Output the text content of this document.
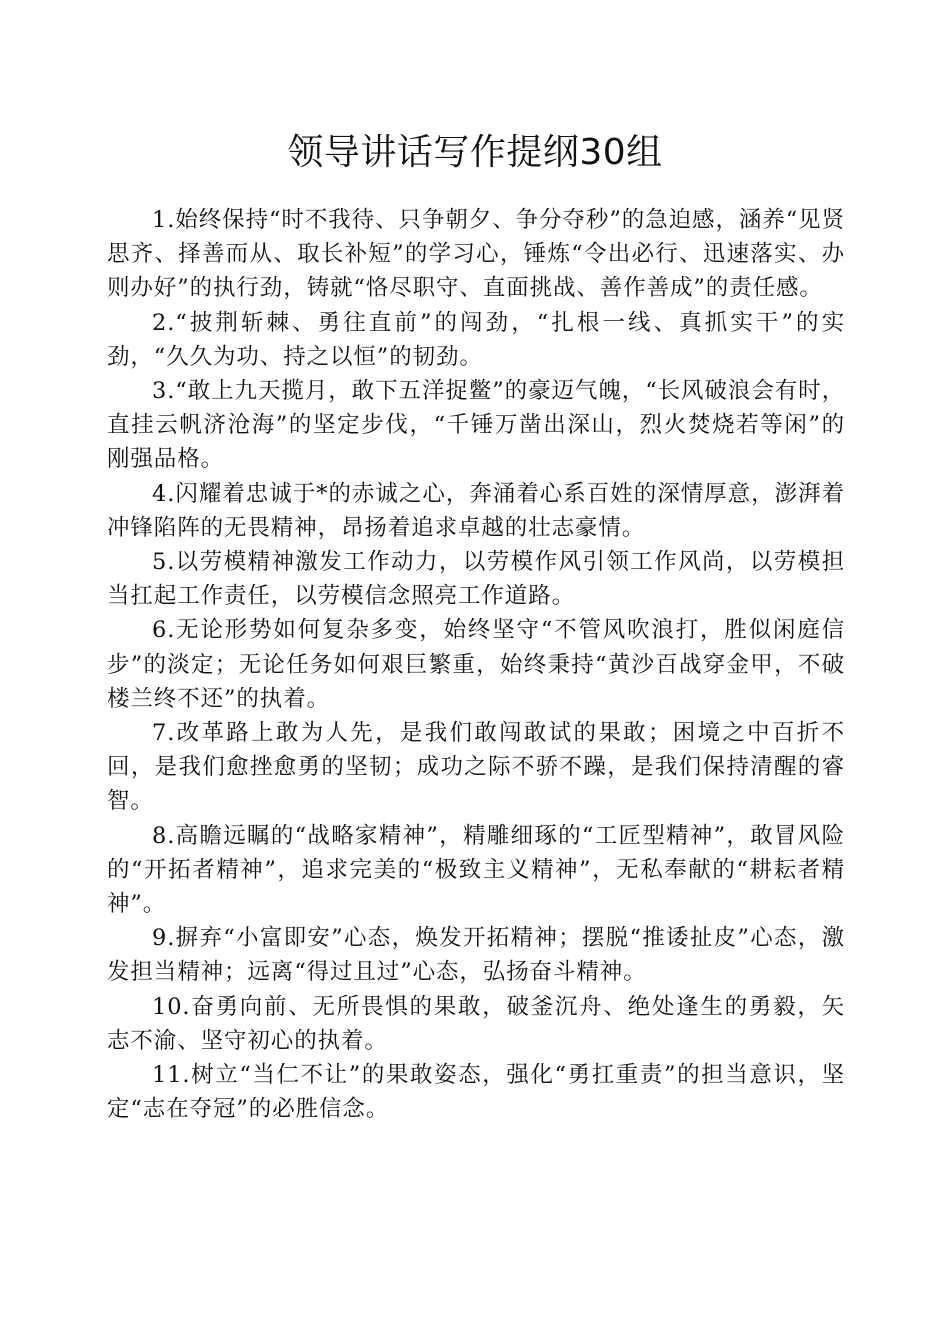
领导讲话写作提纲30组

1.始终保持“时不我待、只争朝夕、争分夺秒”的急迫感，涵养“见贤思齐、择善而从、取长补短”的学习心，锤炼“令出必行、迅速落实、办则办好”的执行劲，铸就“恪尽职守、直面挑战、善作善成”的责任感。

2.“披荆斩棘、勇往直前”的闯劲，“扎根一线、真抓实干”的实劲，“久久为功、持之以恒”的韧劲。

3.“敢上九天揽月，敢下五洋捉鳖”的豪迈气魄，“长风破浪会有时，直挂云帆济沧海”的坚定步伐，“千锤万凿出深山，烈火焚烧若等闲”的刚强品格。

4.闪耀着忠诚于*的赤诚之心，奔涌着心系百姓的深情厚意，澎湃着冲锋陷阵的无畏精神，昂扬着追求卓越的壮志豪情。

5.以劳模精神激发工作动力，以劳模作风引领工作风尚，以劳模担当扛起工作责任，以劳模信念照亮工作道路。

6.无论形势如何复杂多变，始终坚守“不管风吹浪打，胜似闲庭信步”的淡定；无论任务如何艰巨繁重，始终秉持“黄沙百战穿金甲，不破楼兰终不还”的执着。

7.改革路上敢为人先，是我们敢闯敢试的果敢；困境之中百折不回，是我们愈挫愈勇的坚韧；成功之际不骄不躁，是我们保持清醒的睿智。

8.高瞻远瞩的“战略家精神”，精雕细琢的“工匠型精神”，敢冒风险的“开拓者精神”，追求完美的“极致主义精神”，无私奉献的“耕耘者精神”。

9.摒弃“小富即安”心态，焕发开拓精神；摆脱“推诿扯皮”心态，激发担当精神；远离“得过且过”心态，弘扬奋斗精神。

10.奋勇向前、无所畏惧的果敢，破釜沉舟、绝处逢生的勇毅，矢志不渝、坚守初心的执着。

11.树立“当仁不让”的果敢姿态，强化“勇扛重责”的担当意识，坚定“志在夺冠”的必胜信念。
